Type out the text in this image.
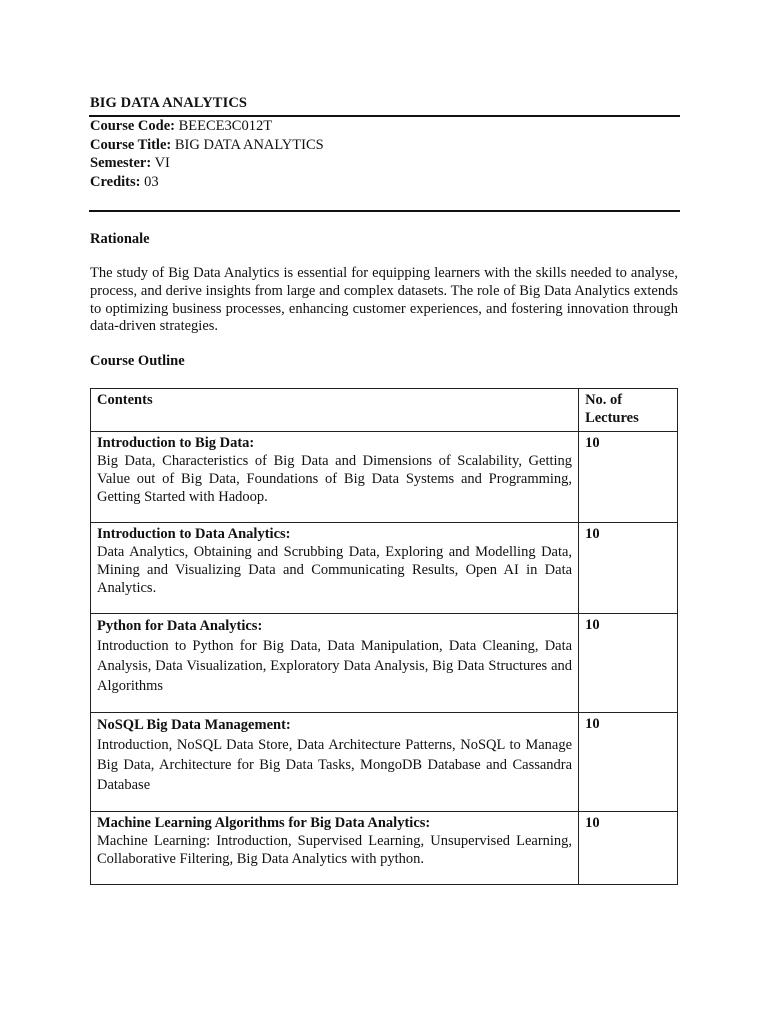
BIG DATA ANALYTICS
Course Code: BEECE3C012T
Course Title: BIG DATA ANALYTICS
Semester: VI
Credits: 03
Rationale
The study of Big Data Analytics is essential for equipping learners with the skills needed to analyse, process, and derive insights from large and complex datasets. The role of Big Data Analytics extends to optimizing business processes, enhancing customer experiences, and fostering innovation through data-driven strategies.
Course Outline
Contents	No. of Lectures

Introduction to Big Data:
Big Data, Characteristics of Big Data and Dimensions of Scalability, Getting Value out of Big Data, Foundations of Big Data Systems and Programming, Getting Started with Hadoop.	10

Introduction to Data Analytics:
Data Analytics, Obtaining and Scrubbing Data, Exploring and Modelling Data, Mining and Visualizing Data and Communicating Results, Open AI in Data Analytics.	10

Python for Data Analytics:
Introduction to Python for Big Data, Data Manipulation, Data Cleaning, Data Analysis, Data Visualization, Exploratory Data Analysis, Big Data Structures and Algorithms	10

NoSQL Big Data Management:
Introduction, NoSQL Data Store, Data Architecture Patterns, NoSQL to Manage Big Data, Architecture for Big Data Tasks, MongoDB Database and Cassandra Database	10

Machine Learning Algorithms for Big Data Analytics:
Machine Learning: Introduction, Supervised Learning, Unsupervised Learning, Collaborative Filtering, Big Data Analytics with python.	10
